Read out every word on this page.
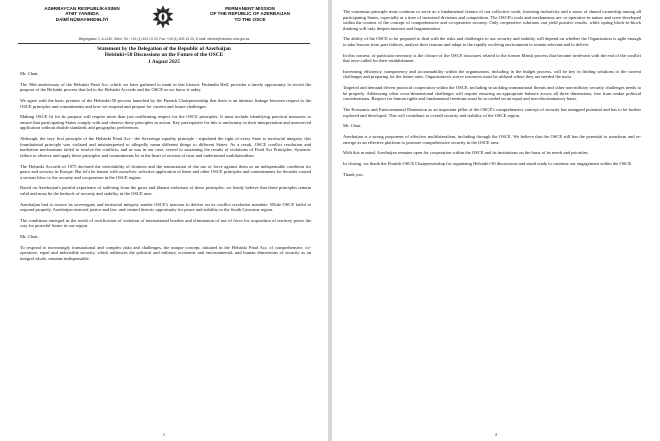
AZƏRBAYCAN RESPUBLİKASININ
ATƏT YANINDA
DAİMİ NÜMAYƏNDƏLİYİ
PERMANENT MISSION
OF THE REPUBLIC OF AZERBAIJAN
TO THE OSCE
Mitgutgasse 2, A-1130, Wien; Tel.: +43 (1) 403 13 22; Fax: +43 (1) 403 13 23; E-mail: vienna@mission.mfa.gov.az
Statement by the Delegation of the Republic of Azerbaijan
Helsinki+50 Discussions on the Future of the OSCE
1 August 2025

Mr. Chair,

The 50th anniversary of the Helsinki Final Act, which we have gathered to mark in this historic Finlandia Hall, provides a timely opportunity to revisit the purpose of the Helsinki process that led to the Helsinki Accords and the OSCE as we know it today.

We agree with the basic premise of the Helsinki+50 process launched by the Finnish Chairpersonship that there is an intrinsic linkage between respect to the OSCE principles and commitments and how we respond and prepare for current and future challenges.

Making OSCE fit for its purpose will require more than just reaffirming respect for the OSCE principles. It must include identifying practical measures to ensure that participating States comply with and observe these principles in action. Key prerequisite for this is uniformity in their interpretation and unreserved application without double standards and geographic preferences.

Although, the very first principle of the Helsinki Final Act - the Sovereign equality principle - stipulated the right of every State to territorial integrity, this foundational principle was violated and misinterpreted to allegedly mean different things to different States. As a result, OSCE conflict resolution and mediation mechanisms failed to resolve the conflicts, and as was in our case, served to sustaining the results of violations of Final Act Principles. Systemic failure to observe and apply these principles and commitments lie at the heart of erosion of trust and undermined multilateralism.

The Helsinki Accords of 1975 declared the inviolability of frontiers and the renunciation of the use of force against them as an indispensable condition for peace and security in Europe. But let's be honest with ourselves: selective application of these and other OSCE principles and commitments for decades caused a serious blow to the security and cooperation in the OSCE region.

Based on Azerbaijan's painful experience of suffering from the gross and blatant violations of these principles, we firmly believe that these principles remain valid and must be the bedrock of security and stability in the OSCE area.

Azerbaijan had to restore its sovereignty and territorial integrity amidst OSCE's inaction to deliver on its conflict resolution mandate. While OSCE failed to respond properly, Azerbaijan restored justice and law, and created historic opportunity for peace and stability in the South Caucasus region.

The conditions emerged in the result of rectification of violation of international borders and elimination of use of force for acquisition of territory paves the way for peaceful future in our region.

Mr. Chair,

To respond to increasingly transnational and complex risks and challenges, the unique concept, initiated in the Helsinki Final Act, of comprehensive, co-operative, equal and indivisible security, which addresses the political and military, economic and environmental, and human dimensions of security as an integral whole, remains indispensable.

1

The consensus principle must continue to serve as a fundamental feature of our collective work, fostering inclusivity and a sense of shared ownership among all participating States, especially at a time of increased divisions and competition. The OSCE's tools and mechanisms are co-operative in nature and were developed within the context of the concept of comprehensive and co-operative security. Only cooperative solutions can yield positive results, while opting block-to-block thinking will only deepen mistrust and fragmentation.

The ability of the OSCE to be prepared to deal with the risks and challenges to our security and stability will depend on whether the Organization is agile enough to take lessons from past failures, analyse their reasons and adapt to the rapidly evolving environment to remain relevant and to deliver.

In this context, of particular necessity is the closure of the OSCE structures related to the former Minsk process that became irrelevant with the end of the conflict that once called for their establishment.

Increasing efficiency, transparency and accountability within the organization, including in the budget process, will be key in finding solutions to the current challenges and preparing for the future ones. Organisation's scarce resources must be utilized where they are needed the most.

Targeted and demand driven practical cooperation within the OSCE, including in tackling transnational threats and other non-military security challenges needs to be properly. Addressing often cross-dimensional challenges will require ensuring an appropriate balance across all three dimensions, free from undue political considerations. Respect for human rights and fundamental freedoms must be accorded on an equal and non-discriminatory basis.

The Economic and Environmental Dimension as an important pillar of the OSCE's comprehensive concept of security has untapped potential and has to be further explored and developed. This will contribute to overall security and stability of the OSCE region.

Mr. Chair,

Azerbaijan is a strong proponent of effective multilateralism, including through the OSCE. We believe that the OSCE still has the potential to transform and re-emerge as an effective platform to promote comprehensive security in the OSCE area.

With this in mind, Azerbaijan remains open for cooperation within the OSCE and its institutions on the basis of its needs and priorities.

In closing, we thank the Finnish OSCE Chairpersonship for organizing Helsinki+50 discussions and stand ready to continue our engagement within the OSCE.

Thank you.

2
